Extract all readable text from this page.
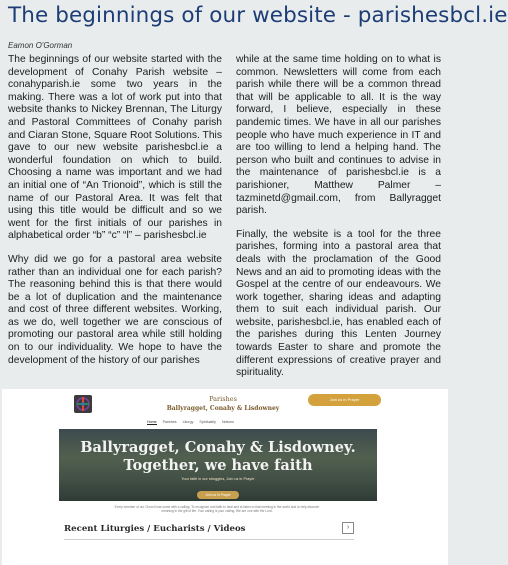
The beginnings of our website - parishesbcl.ie
Eamon O'Gorman

The beginnings of our website started with the development of Conahy Parish website – conahyparish.ie some two years in the making. There was a lot of work put into that website thanks to Nickey Brennan, The Liturgy and Pastoral Committees of Conahy parish and Ciaran Stone, Square Root Solutions. This gave to our new website parishesbcl.ie a wonderful foundation on which to build. Choosing a name was important and we had an initial one of “An Trionoid”, which is still the name of our Pastoral Area. It was felt that using this title would be difficult and so we went for the first initials of our parishes in alphabetical order “b” “c” “l” – parishesbcl.ie

Why did we go for a pastoral area website rather than an individual one for each parish? The reasoning behind this is that there would be a lot of duplication and the maintenance and cost of three different websites. Working, as we do, well together we are conscious of promoting our pastoral area while still holding on to our individuality. We hope to have the development of the history of our parishes

while at the same time holding on to what is common. Newsletters will come from each parish while there will be a common thread that will be applicable to all. It is the way forward, I believe, especially in these pandemic times. We have in all our parishes people who have much experience in IT and are too willing to lend a helping hand. The person who built and continues to advise in the maintenance of parishesbcl.ie is a parishioner, Matthew Palmer – tazminetd@gmail.com, from Ballyragget parish.

Finally, the website is a tool for the three parishes, forming into a pastoral area that deals with the proclamation of the Good News and an aid to promoting ideas with the Gospel at the centre of our endeavours. We work together, sharing ideas and adapting them to suit each individual parish. Our website, parishesbcl.ie, has enabled each of the parishes during this Lenten Journey towards Easter to share and promote the different expressions of creative prayer and spirituality.

Parishes
Ballyragget, Conahy & Lisdowney
Join us in Prayer
Home Parishes Liturgy Spirituality Notices
Ballyragget, Conahy & Lisdowney.
Together, we have faith
Your faith in our struggles, Join us in Prayer
Join us in Prayer
Every member of our Church has come with a calling. To recognise and faith to heal and to listen to that meeting in the world and to help discover meaning in the gift of life. Your calling is your calling. We are one with the Lord.
Recent Liturgies / Eucharists / Videos	›
